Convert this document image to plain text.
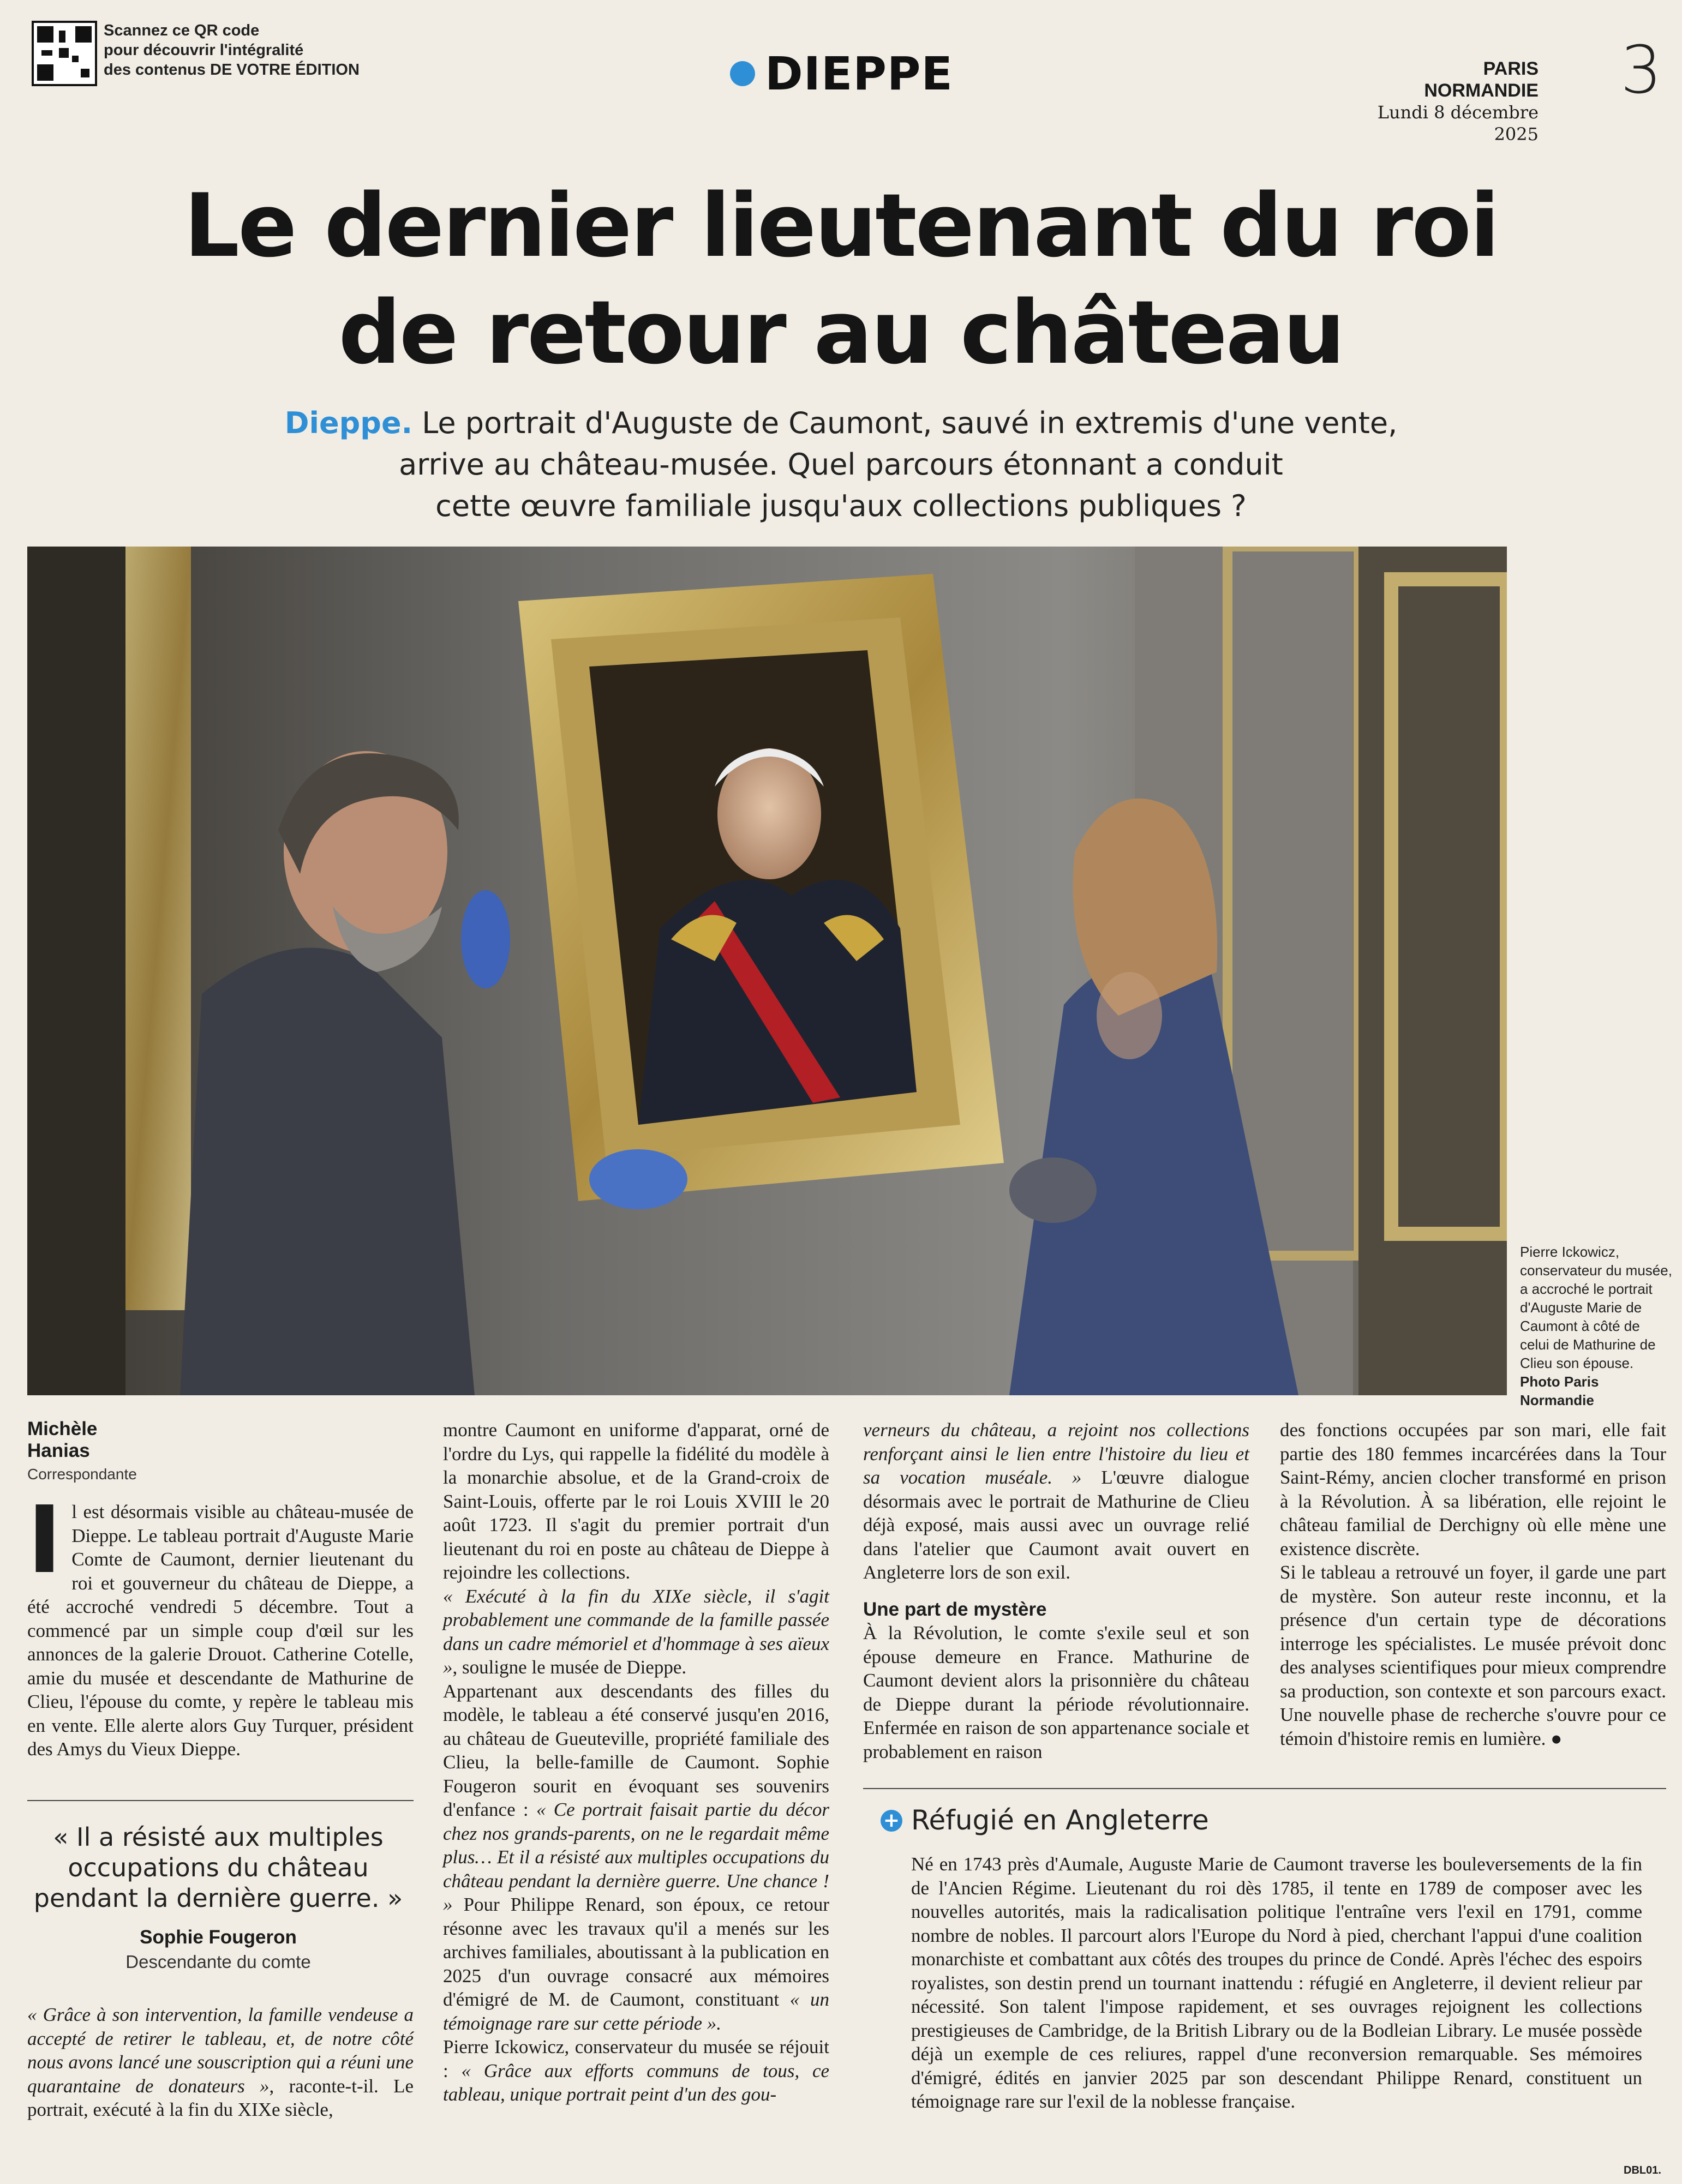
Scannez ce QR code
pour découvrir l'intégralité
des contenus DE VOTRE ÉDITION	DIEPPE	PARIS NORMANDIE
Lundi 8 décembre 2025
3
Le dernier lieutenant du roi
de retour au château
Dieppe. Le portrait d'Auguste de Caumont, sauvé in extremis d'une vente,
arrive au château-musée. Quel parcours étonnant a conduit
cette œuvre familiale jusqu'aux collections publiques ?
Pierre Ickowicz, conservateur du musée, a accroché le portrait d'Auguste Marie de Caumont à côté de celui de Mathurine de Clieu son épouse. Photo Paris Normandie
Michèle Hanias
Correspondante

Il est désormais visible au château-musée de Dieppe. Le tableau portrait d'Auguste Marie Comte de Caumont, dernier lieutenant du roi et gouverneur du château de Dieppe, a été accroché vendredi 5 décembre. Tout a commencé par un simple coup d'œil sur les annonces de la galerie Drouot. Catherine Cotelle, amie du musée et descendante de Mathurine de Clieu, l'épouse du comte, y repère le tableau mis en vente. Elle alerte alors Guy Turquer, président des Amys du Vieux Dieppe.

« Il a résisté aux multiples occupations du château pendant la dernière guerre. »
Sophie Fougeron
Descendante du comte

« Grâce à son intervention, la famille vendeuse a accepté de retirer le tableau, et, de notre côté nous avons lancé une souscription qui a réuni une quarantaine de donateurs », raconte-t-il. Le portrait, exécuté à la fin du XIXe siècle,

montre Caumont en uniforme d'apparat, orné de l'ordre du Lys, qui rappelle la fidélité du modèle à la monarchie absolue, et de la Grand-croix de Saint-Louis, offerte par le roi Louis XVIII le 20 août 1723. Il s'agit du premier portrait d'un lieutenant du roi en poste au château de Dieppe à rejoindre les collections.

« Exécuté à la fin du XIXe siècle, il s'agit probablement une commande de la famille passée dans un cadre mémoriel et d'hommage à ses aïeux », souligne le musée de Dieppe.

Appartenant aux descendants des filles du modèle, le tableau a été conservé jusqu'en 2016, au château de Gueuteville, propriété familiale des Clieu, la belle-famille de Caumont. Sophie Fougeron sourit en évoquant ses souvenirs d'enfance : « Ce portrait faisait partie du décor chez nos grands-parents, on ne le regardait même plus… Et il a résisté aux multiples occupations du château pendant la dernière guerre. Une chance ! » Pour Philippe Renard, son époux, ce retour résonne avec les travaux qu'il a menés sur les archives familiales, aboutissant à la publication en 2025 d'un ouvrage consacré aux mémoires d'émigré de M. de Caumont, constituant « un témoignage rare sur cette période ».

Pierre Ickowicz, conservateur du musée se réjouit : « Grâce aux efforts communs de tous, ce tableau, unique portrait peint d'un des gou-

verneurs du château, a rejoint nos collections renforçant ainsi le lien entre l'histoire du lieu et sa vocation muséale. » L'œuvre dialogue désormais avec le portrait de Mathurine de Clieu déjà exposé, mais aussi avec un ouvrage relié dans l'atelier que Caumont avait ouvert en Angleterre lors de son exil.

Une part de mystère

À la Révolution, le comte s'exile seul et son épouse demeure en France. Mathurine de Caumont devient alors la prisonnière du château de Dieppe durant la période révolutionnaire. Enfermée en raison de son appartenance sociale et probablement en raison

des fonctions occupées par son mari, elle fait partie des 180 femmes incarcérées dans la Tour Saint-Rémy, ancien clocher transformé en prison à la Révolution. À sa libération, elle rejoint le château familial de Derchigny où elle mène une existence discrète.

Si le tableau a retrouvé un foyer, il garde une part de mystère. Son auteur reste inconnu, et la présence d'un certain type de décorations interroge les spécialistes. Le musée prévoit donc des analyses scientifiques pour mieux comprendre sa production, son contexte et son parcours exact. Une nouvelle phase de recherche s'ouvre pour ce témoin d'histoire remis en lumière. ●

+ Réfugié en Angleterre
Né en 1743 près d'Aumale, Auguste Marie de Caumont traverse les bouleversements de la fin de l'Ancien Régime. Lieutenant du roi dès 1785, il tente en 1789 de composer avec les nouvelles autorités, mais la radicalisation politique l'entraîne vers l'exil en 1791, comme nombre de nobles. Il parcourt alors l'Europe du Nord à pied, cherchant l'appui d'une coalition monarchiste et combattant aux côtés des troupes du prince de Condé. Après l'échec des espoirs royalistes, son destin prend un tournant inattendu : réfugié en Angleterre, il devient relieur par nécessité. Son talent l'impose rapidement, et ses ouvrages rejoignent les collections prestigieuses de Cambridge, de la British Library ou de la Bodleian Library. Le musée possède déjà un exemple de ces reliures, rappel d'une reconversion remarquable. Ses mémoires d'émigré, édités en janvier 2025 par son descendant Philippe Renard, constituent un témoignage rare sur l'exil de la noblesse française.
DBL01.
